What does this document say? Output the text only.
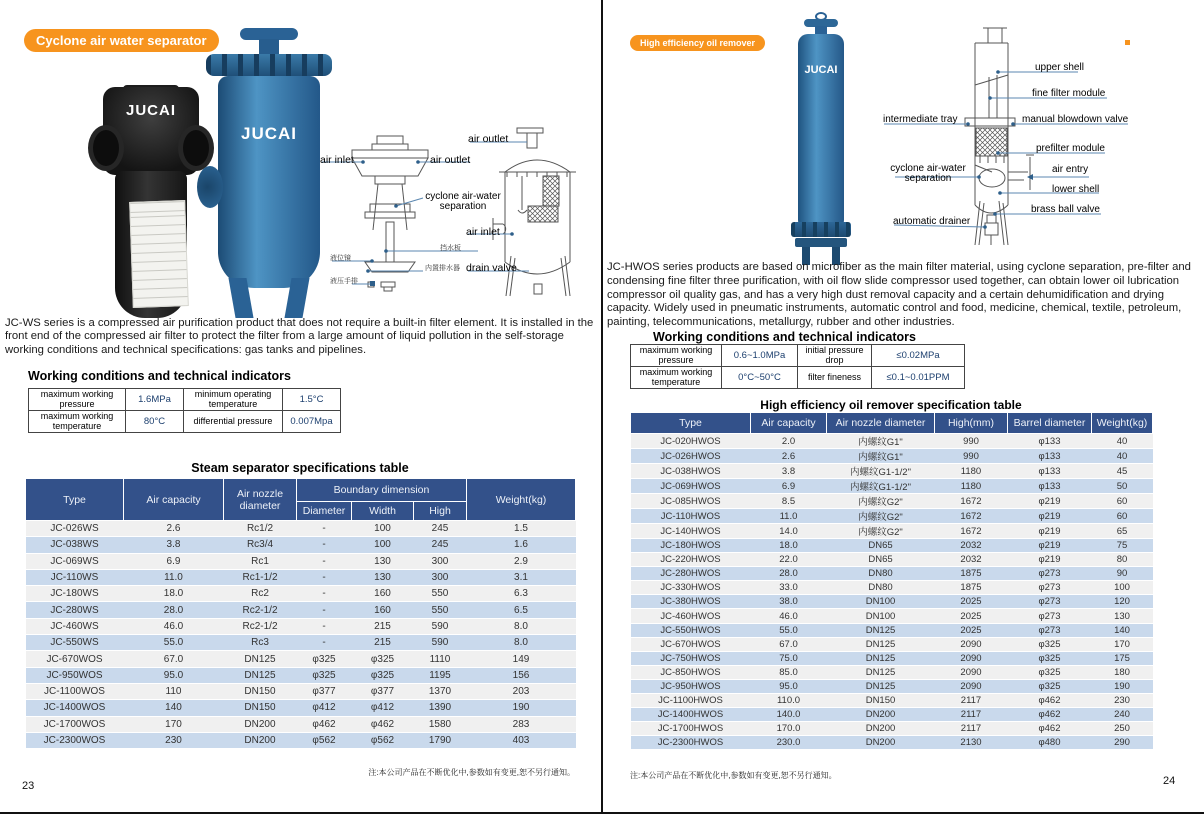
Cyclone air water separator
JUCAI
JUCAI
air inlet	air outlet
cyclone air-water separation
挡水板
液位镜
内置排水器
液压手排
air outlet
air inlet
drain valve

JC-WS series is a compressed air purification product that does not require a built-in filter element. It is installed in the front end of the compressed air filter to protect the filter from a large amount of liquid pollution in the self-storage working conditions and technical specifications: gas tanks and pipelines.

Working conditions and technical indicators
maximum working pressure	1.6MPa	minimum operating temperature	1.5°C
maximum working temperature	80°C	differential pressure	0.007Mpa
Steam separator specifications table
Type	Air capacity	Air nozzle diameter	Boundary dimension			Weight(kg)
			Diameter	Width	High	
JC-026WS	2.6	Rc1/2	-	100	245	1.5
JC-038WS	3.8	Rc3/4	-	100	245	1.6
JC-069WS	6.9	Rc1	-	130	300	2.9
JC-110WS	11.0	Rc1-1/2	-	130	300	3.1
JC-180WS	18.0	Rc2	-	160	550	6.3
JC-280WS	28.0	Rc2-1/2	-	160	550	6.5
JC-460WS	46.0	Rc2-1/2	-	215	590	8.0
JC-550WS	55.0	Rc3	-	215	590	8.0
JC-670WOS	67.0	DN125	φ325	φ325	1110	149
JC-950WOS	95.0	DN125	φ325	φ325	1195	156
JC-1100WOS	110	DN150	φ377	φ377	1370	203
JC-1400WOS	140	DN150	φ412	φ412	1390	190
JC-1700WOS	170	DN200	φ462	φ462	1580	283
JC-2300WOS	230	DN200	φ562	φ562	1790	403
注:本公司产品在不断优化中,参数如有变更,恕不另行通知。
23
High efficiency oil remover
JUCAI	upper shell
fine filter module
intermediate tray	manual blowdown valve
prefilter module
cyclone air-water separation
air entry
lower shell
brass ball valve
automatic drainer

JC-HWOS series products are based on microfiber as the main filter material, using cyclone separation, pre-filter and condensing fine filter three purification, with oil flow slide compressor used together, can obtain lower oil lubrication compressor oil quality gas, and has a very high dust removal capacity and a certain dehumidification and drying capacity. Widely used in pneumatic instruments, automatic control and food, medicine, chemical, textile, petroleum, painting, telecommunications, metallurgy, rubber and other industries.

Working conditions and technical indicators
maximum working pressure	0.6~1.0MPa	initial pressure drop	≤0.02MPa
maximum working temperature	0°C~50°C	filter fineness	≤0.1~0.01PPM
High efficiency oil remover specification table
Type	Air capacity	Air nozzle diameter	High(mm)	Barrel diameter	Weight(kg)
JC-020HWOS	2.0	内螺纹G1"	990	φ133	40
JC-026HWOS	2.6	内螺纹G1"	990	φ133	40
JC-038HWOS	3.8	内螺纹G1-1/2"	1180	φ133	45
JC-069HWOS	6.9	内螺纹G1-1/2"	1180	φ133	50
JC-085HWOS	8.5	内螺纹G2"	1672	φ219	60
JC-110HWOS	11.0	内螺纹G2"	1672	φ219	60
JC-140HWOS	14.0	内螺纹G2"	1672	φ219	65
JC-180HWOS	18.0	DN65	2032	φ219	75
JC-220HWOS	22.0	DN65	2032	φ219	80
JC-280HWOS	28.0	DN80	1875	φ273	90
JC-330HWOS	33.0	DN80	1875	φ273	100
JC-380HWOS	38.0	DN100	2025	φ273	120
JC-460HWOS	46.0	DN100	2025	φ273	130
JC-550HWOS	55.0	DN125	2025	φ273	140
JC-670HWOS	67.0	DN125	2090	φ325	170
JC-750HWOS	75.0	DN125	2090	φ325	175
JC-850HWOS	85.0	DN125	2090	φ325	180
JC-950HWOS	95.0	DN125	2090	φ325	190
JC-1100HWOS	110.0	DN150	2117	φ462	230
JC-1400HWOS	140.0	DN200	2117	φ462	240
JC-1700HWOS	170.0	DN200	2117	φ462	250
JC-2300HWOS	230.0	DN200	2130	φ480	290
注:本公司产品在不断优化中,参数如有变更,恕不另行通知。	24
